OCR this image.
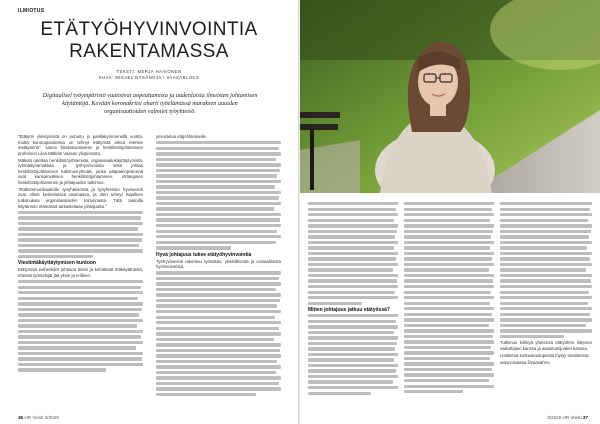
ILMIOTUS
ETÄTYÖHYVINVOINTIA
RAKENTAMASSA
TEKSTI: MERJA HAIKONEN
KUVA: MIKAEL NYSÄNOJA / VAASABLOKS
Digitaalisel työympäristö vaatisivat aopeuttamista ja uudenlaisia ilmeisten johtamisen käytäntöjä. Kevään koronakriisi oharti työelämässä muraksen uuaiden organisaatioiden valmiiet työyhteisö.

"Etätyön yleistymistä on puhuttu jo parillakymmenellä vuotta, mutta koronapandemia on tehnyt etätyöstä arkea etenkin teeläyönnä", sanoo liiketaloustieteen ja henkilöstöjohtamisen professori Liisa Mäkelä Vaasan yliopistosta.

Mäkelä opettaa henkilöstöjohtamista, organisaatiokäyttäytymistä, ryhmädynamiikkaa ja työhyvinvointia sekä johtaa henkilöstöjohtamisen tutkimusryhmää, jonka pääpainopisteenä ovat kansainvälinen henkilöstöjohtaminen, strateginen henkilöstöjohtaminen ja johtajuuden tutkimus.

"Etäkommunikaatiolle työyhteisössä ja työyhteisön hyvinvointi ovat olleet keskeisessä asemassa, ja olen tehnyt hajalleen tutkimuksia organisaatioiden toiminnasta. Tätä taidoilla käytännön elämässä tarkastellaan johtajuutta."

Viestintäkäyttäytymisen kuntoon

Etätyössä esihenkilöt johtavat tiimiä ja kehittävät etäkäytänteitä, etteivät työntekijät jää yksin ja erilleen.

perustelua etäjohtamiselle

Hyvä johtajuus tukee etätyöhyvinvointia

Työhyvinvointi rakentuu työssään, yksilöllisestä ja sosiaalisesta hyvinvoinnista.

36 HR Viesti 3/2020
Mitten johtajuus jatkuu etätyössä?

Tutkimus kiihkyä yhteensä etätyöhön liittyvien vaikuttajien kanssa ja asiantuntijoiden kanssa.

Lisätietoa korkeakoulupeista löytyy osoitteesta:

www.mivaasa.fi/vaasahrm

3/2020 HR Viesti 37
